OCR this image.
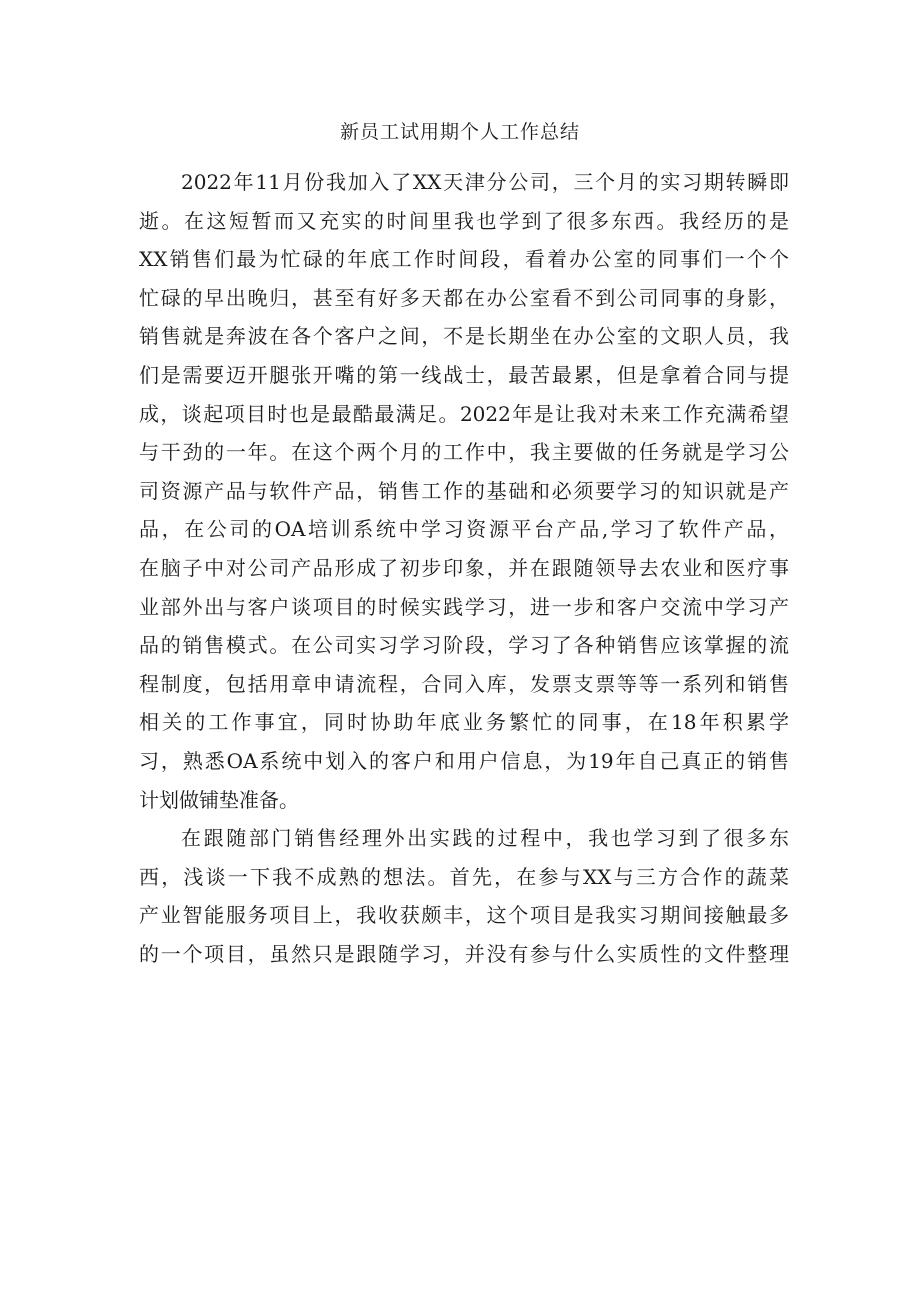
新员工试用期个人工作总结
2022年11月份我加入了XX天津分公司，三个月的实习期转瞬即
逝。在这短暂而又充实的时间里我也学到了很多东西。我经历的是
XX销售们最为忙碌的年底工作时间段，看着办公室的同事们一个个
忙碌的早出晚归，甚至有好多天都在办公室看不到公司同事的身影，
销售就是奔波在各个客户之间，不是长期坐在办公室的文职人员，我
们是需要迈开腿张开嘴的第一线战士，最苦最累，但是拿着合同与提
成，谈起项目时也是最酷最满足。2022年是让我对未来工作充满希望
与干劲的一年。在这个两个月的工作中，我主要做的任务就是学习公
司资源产品与软件产品，销售工作的基础和必须要学习的知识就是产
品，在公司的OA培训系统中学习资源平台产品,学习了软件产品，
在脑子中对公司产品形成了初步印象，并在跟随领导去农业和医疗事
业部外出与客户谈项目的时候实践学习，进一步和客户交流中学习产
品的销售模式。在公司实习学习阶段，学习了各种销售应该掌握的流
程制度，包括用章申请流程，合同入库，发票支票等等一系列和销售
相关的工作事宜，同时协助年底业务繁忙的同事，在18年积累学
习，熟悉OA系统中划入的客户和用户信息，为19年自己真正的销售
计划做铺垫准备。
在跟随部门销售经理外出实践的过程中，我也学习到了很多东
西，浅谈一下我不成熟的想法。首先，在参与XX与三方合作的蔬菜
产业智能服务项目上，我收获颇丰，这个项目是我实习期间接触最多
的一个项目，虽然只是跟随学习，并没有参与什么实质性的文件整理
